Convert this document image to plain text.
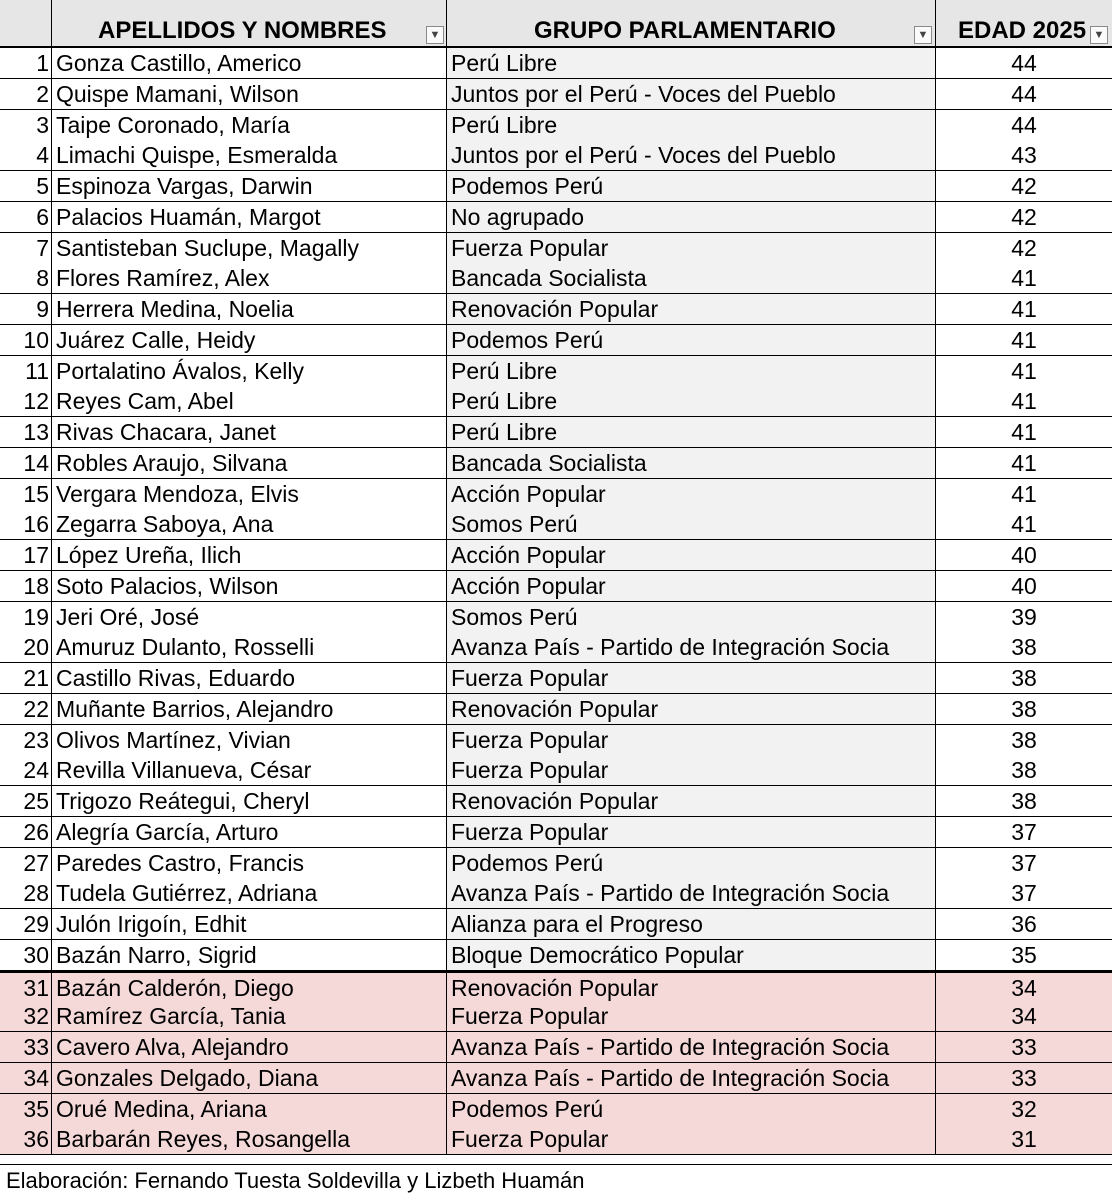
APELLIDOS Y NOMBRES	▼	GRUPO PARLAMENTARIO	▼ EDAD 2025 ▼
1 Gonza Castillo, Americo	Perú Libre	44
2 Quispe Mamani, Wilson	Juntos por el Perú - Voces del Pueblo	44
3 Taipe Coronado, María	Perú Libre	44
4 Limachi Quispe, Esmeralda	Juntos por el Perú - Voces del Pueblo	43
5 Espinoza Vargas, Darwin	Podemos Perú	42
6 Palacios Huamán, Margot	No agrupado	42
7 Santisteban Suclupe, Magally	Fuerza Popular	42
8 Flores Ramírez, Alex	Bancada Socialista	41
9 Herrera Medina, Noelia	Renovación Popular	41
10 Juárez Calle, Heidy	Podemos Perú	41
11 Portalatino Ávalos, Kelly	Perú Libre	41
12 Reyes Cam, Abel	Perú Libre	41
13 Rivas Chacara, Janet	Perú Libre	41
14 Robles Araujo, Silvana	Bancada Socialista	41
15 Vergara Mendoza, Elvis	Acción Popular	41
16 Zegarra Saboya, Ana	Somos Perú	41
17 López Ureña, Ilich	Acción Popular	40
18 Soto Palacios, Wilson	Acción Popular	40
19 Jeri Oré, José	Somos Perú	39
20 Amuruz Dulanto, Rosselli	Avanza País - Partido de Integración Socia	38
21 Castillo Rivas, Eduardo	Fuerza Popular	38
22 Muñante Barrios, Alejandro	Renovación Popular	38
23 Olivos Martínez, Vivian	Fuerza Popular	38
24 Revilla Villanueva, César	Fuerza Popular	38
25 Trigozo Reátegui, Cheryl	Renovación Popular	38
26 Alegría García, Arturo	Fuerza Popular	37
27 Paredes Castro, Francis	Podemos Perú	37
28 Tudela Gutiérrez, Adriana	Avanza País - Partido de Integración Socia	37
29 Julón Irigoín, Edhit	Alianza para el Progreso	36
30 Bazán Narro, Sigrid	Bloque Democrático Popular	35
31 Bazán Calderón, Diego	Renovación Popular	34
32 Ramírez García, Tania	Fuerza Popular	34
33 Cavero Alva, Alejandro	Avanza País - Partido de Integración Socia	33
34 Gonzales Delgado, Diana	Avanza País - Partido de Integración Socia	33
35 Orué Medina, Ariana	Podemos Perú	32
36 Barbarán Reyes, Rosangella	Fuerza Popular	31
Elaboración: Fernando Tuesta Soldevilla y Lizbeth Huamán
